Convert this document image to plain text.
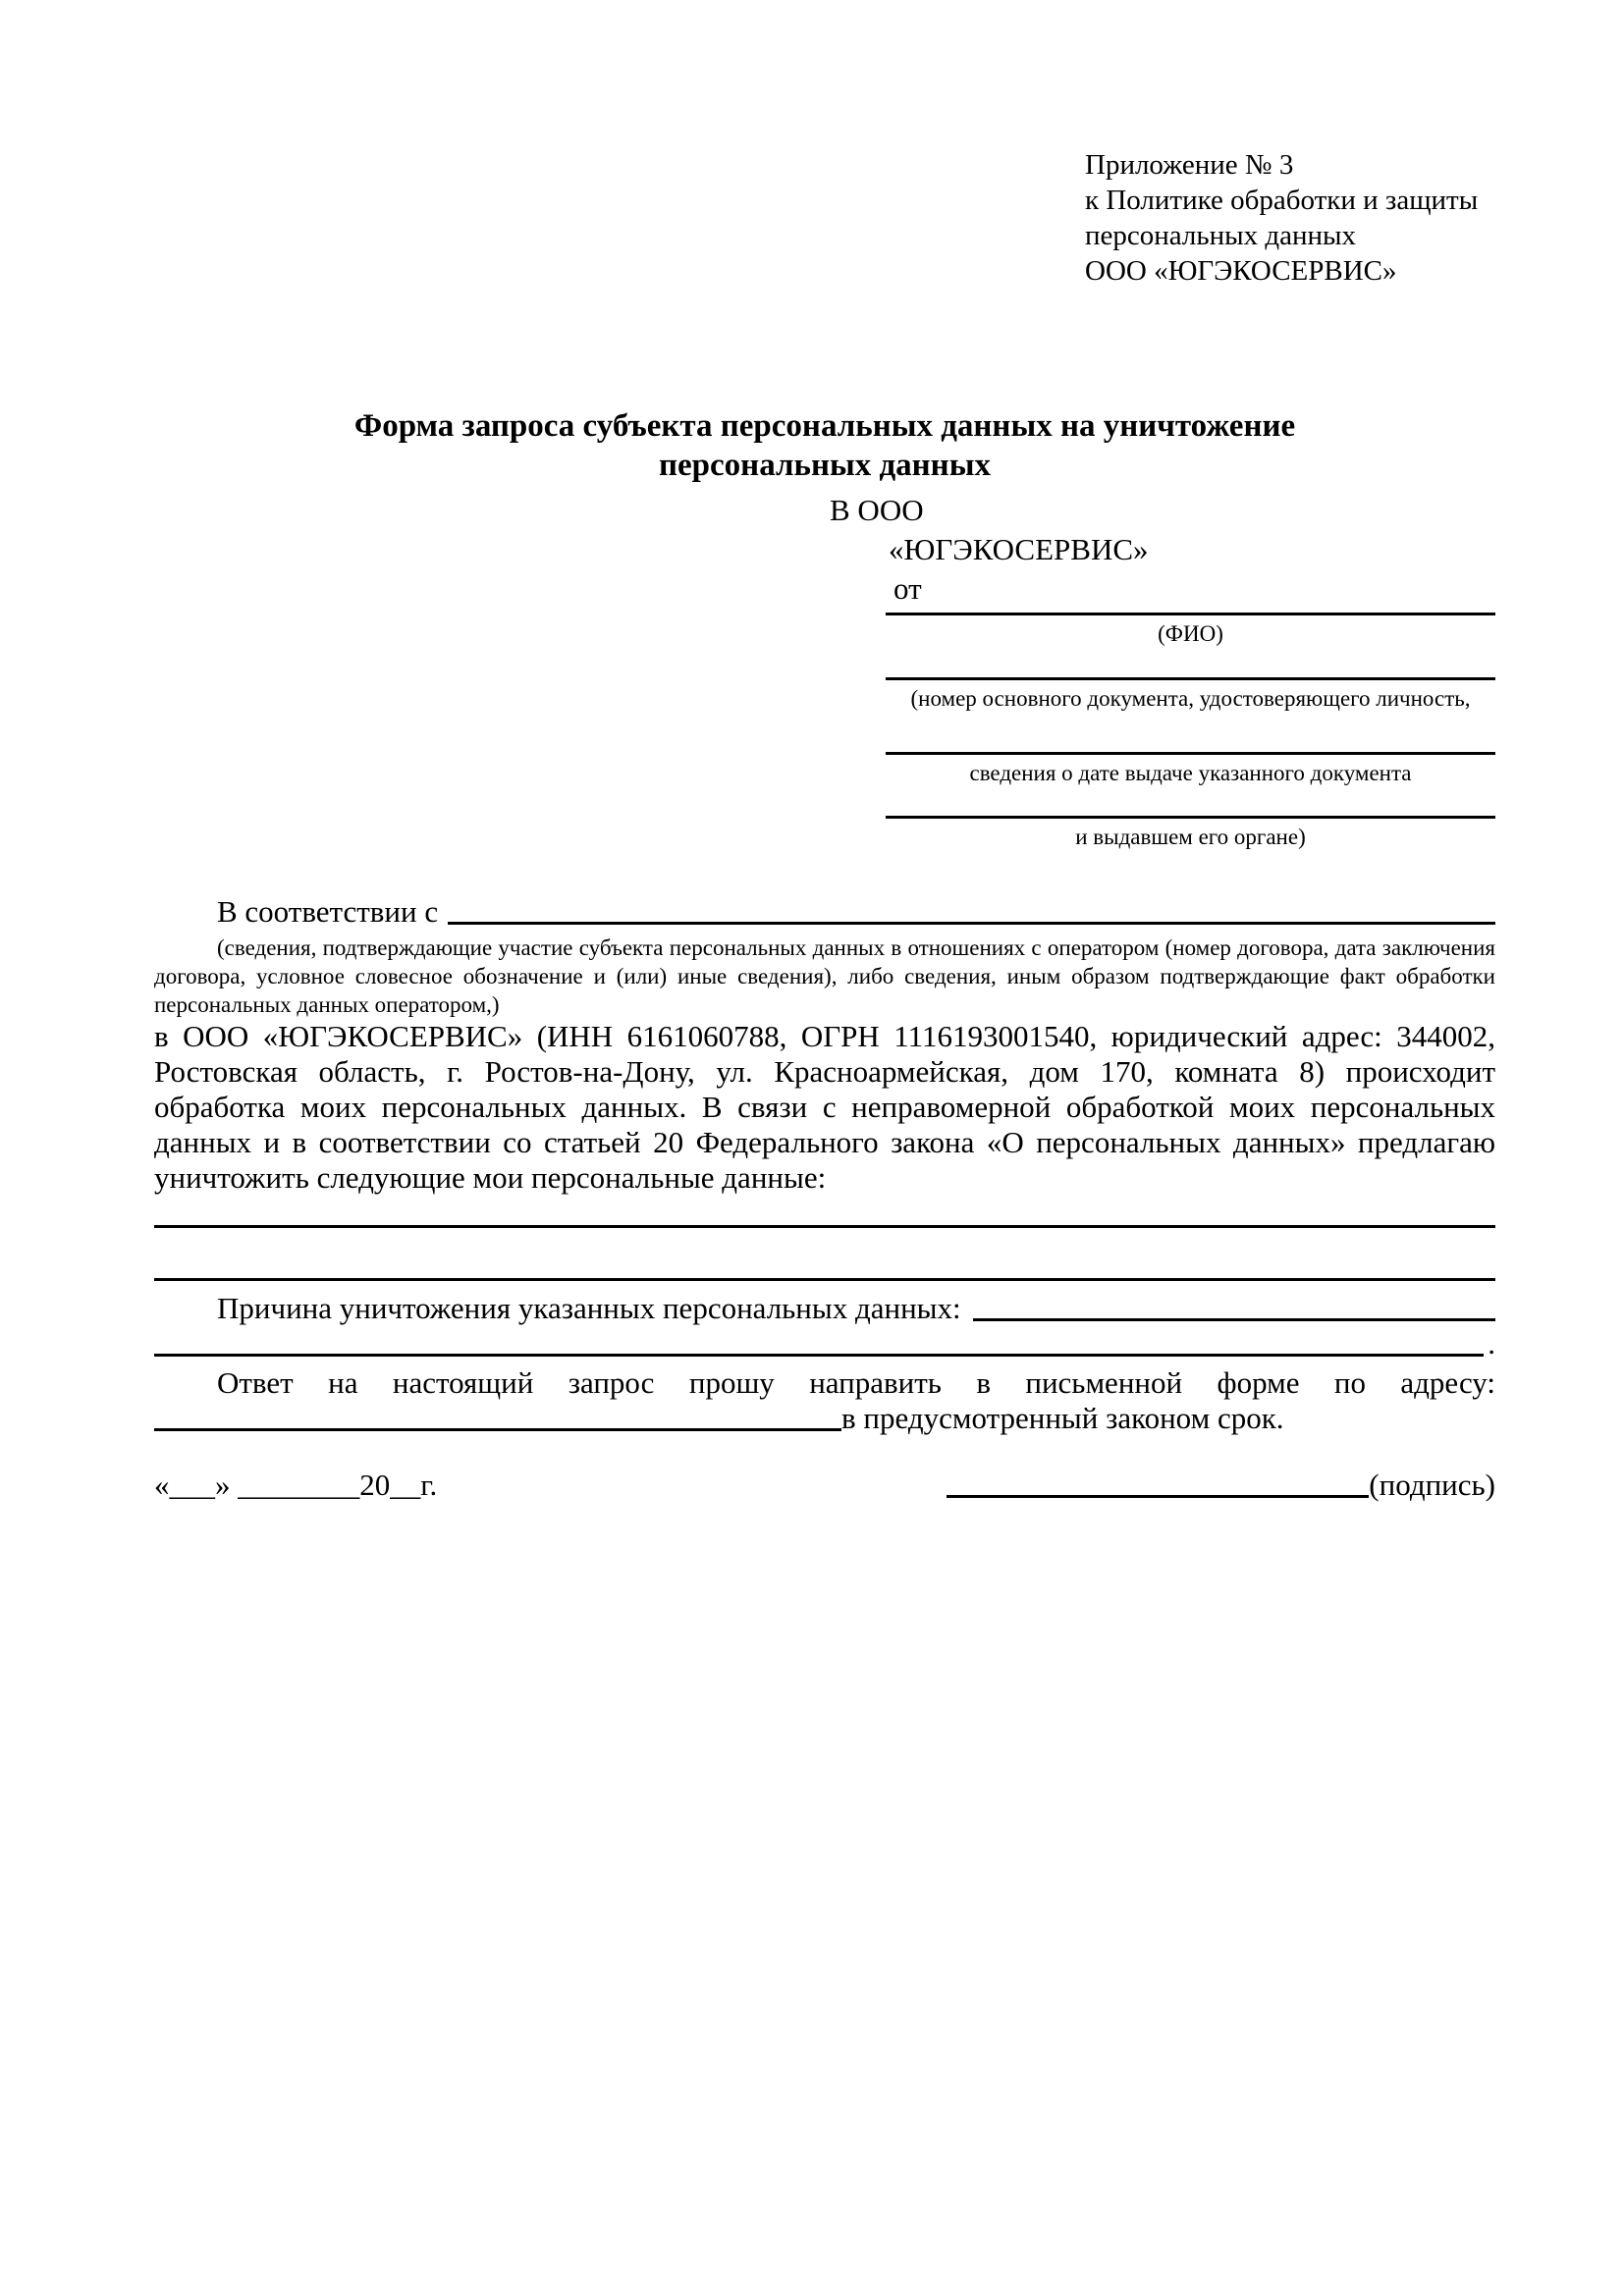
Приложение № 3
к Политике обработки и защиты
персональных данных
ООО «ЮГЭКОСЕРВИС»
Форма запроса субъекта персональных данных на уничтожение
персональных данных
В ООО
«ЮГЭКОСЕРВИС»
от
(ФИО)
(номер основного документа, удостоверяющего личность,
сведения о дате выдаче указанного документа
и выдавшем его органе)
В соответствии с
(сведения, подтверждающие участие субъекта персональных данных в отношениях с оператором (номер договора, дата заключения договора, условное словесное обозначение и (или) иные сведения), либо сведения, иным образом подтверждающие факт обработки персональных данных оператором,)
в ООО «ЮГЭКОСЕРВИС» (ИНН 6161060788, ОГРН 1116193001540, юридический адрес: 344002, Ростовская область, г. Ростов-на-Дону, ул. Красноармейская, дом 170, комната 8) происходит обработка моих персональных данных. В связи с неправомерной обработкой моих персональных данных и в соответствии со статьей 20 Федерального закона «О персональных данных» предлагаю уничтожить следующие мои персональные данные:
Причина уничтожения указанных персональных данных:
.
Ответ на настоящий запрос прошу направить в письменной форме по адресу:
в предусмотренный законом срок.
«___» ________20__г.	(подпись)
